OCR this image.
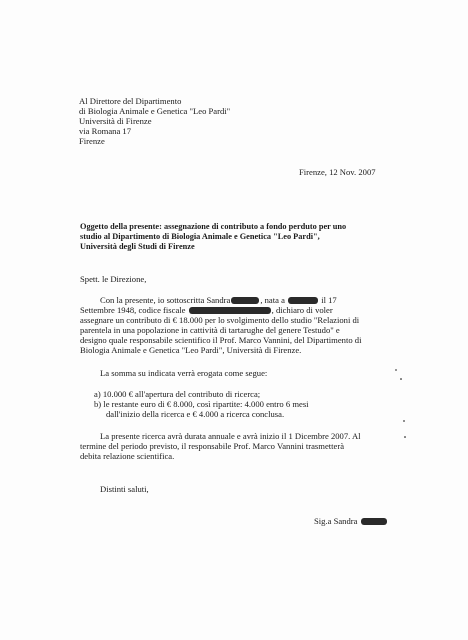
Al Direttore del Dipartimento
di Biologia Animale e Genetica "Leo Pardi"
Università di Firenze
via Romana 17
Firenze
Firenze, 12 Nov. 2007
Oggetto della presente: assegnazione di contributo a fondo perduto per uno
studio al Dipartimento di Biologia Animale e Genetica "Leo Pardi",
Università degli Studi di Firenze
Spett. le Direzione,
Con la presente, io sottoscritta Sandra	, nata a	il 17
Settembre 1948, codice fiscale	, dichiaro di voler
assegnare un contributo di € 18.000 per lo svolgimento dello studio "Relazioni di
parentela in una popolazione in cattività di tartarughe del genere Testudo" e
designo quale responsabile scientifico il Prof. Marco Vannini, del Dipartimento di
Biologia Animale e Genetica "Leo Pardi", Università di Firenze.
La somma su indicata verrà erogata come segue:
a) 10.000 € all'apertura del contributo di ricerca;
b) le restante euro di € 8.000, così ripartite: 4.000 entro 6 mesi
dall'inizio della ricerca e € 4.000 a ricerca conclusa.
La presente ricerca avrà durata annuale e avrà inizio il 1 Dicembre 2007. Al
termine del periodo previsto, il responsabile Prof. Marco Vannini trasmetterà
debita relazione scientifica.
Distinti saluti,
Sig.a Sandra
